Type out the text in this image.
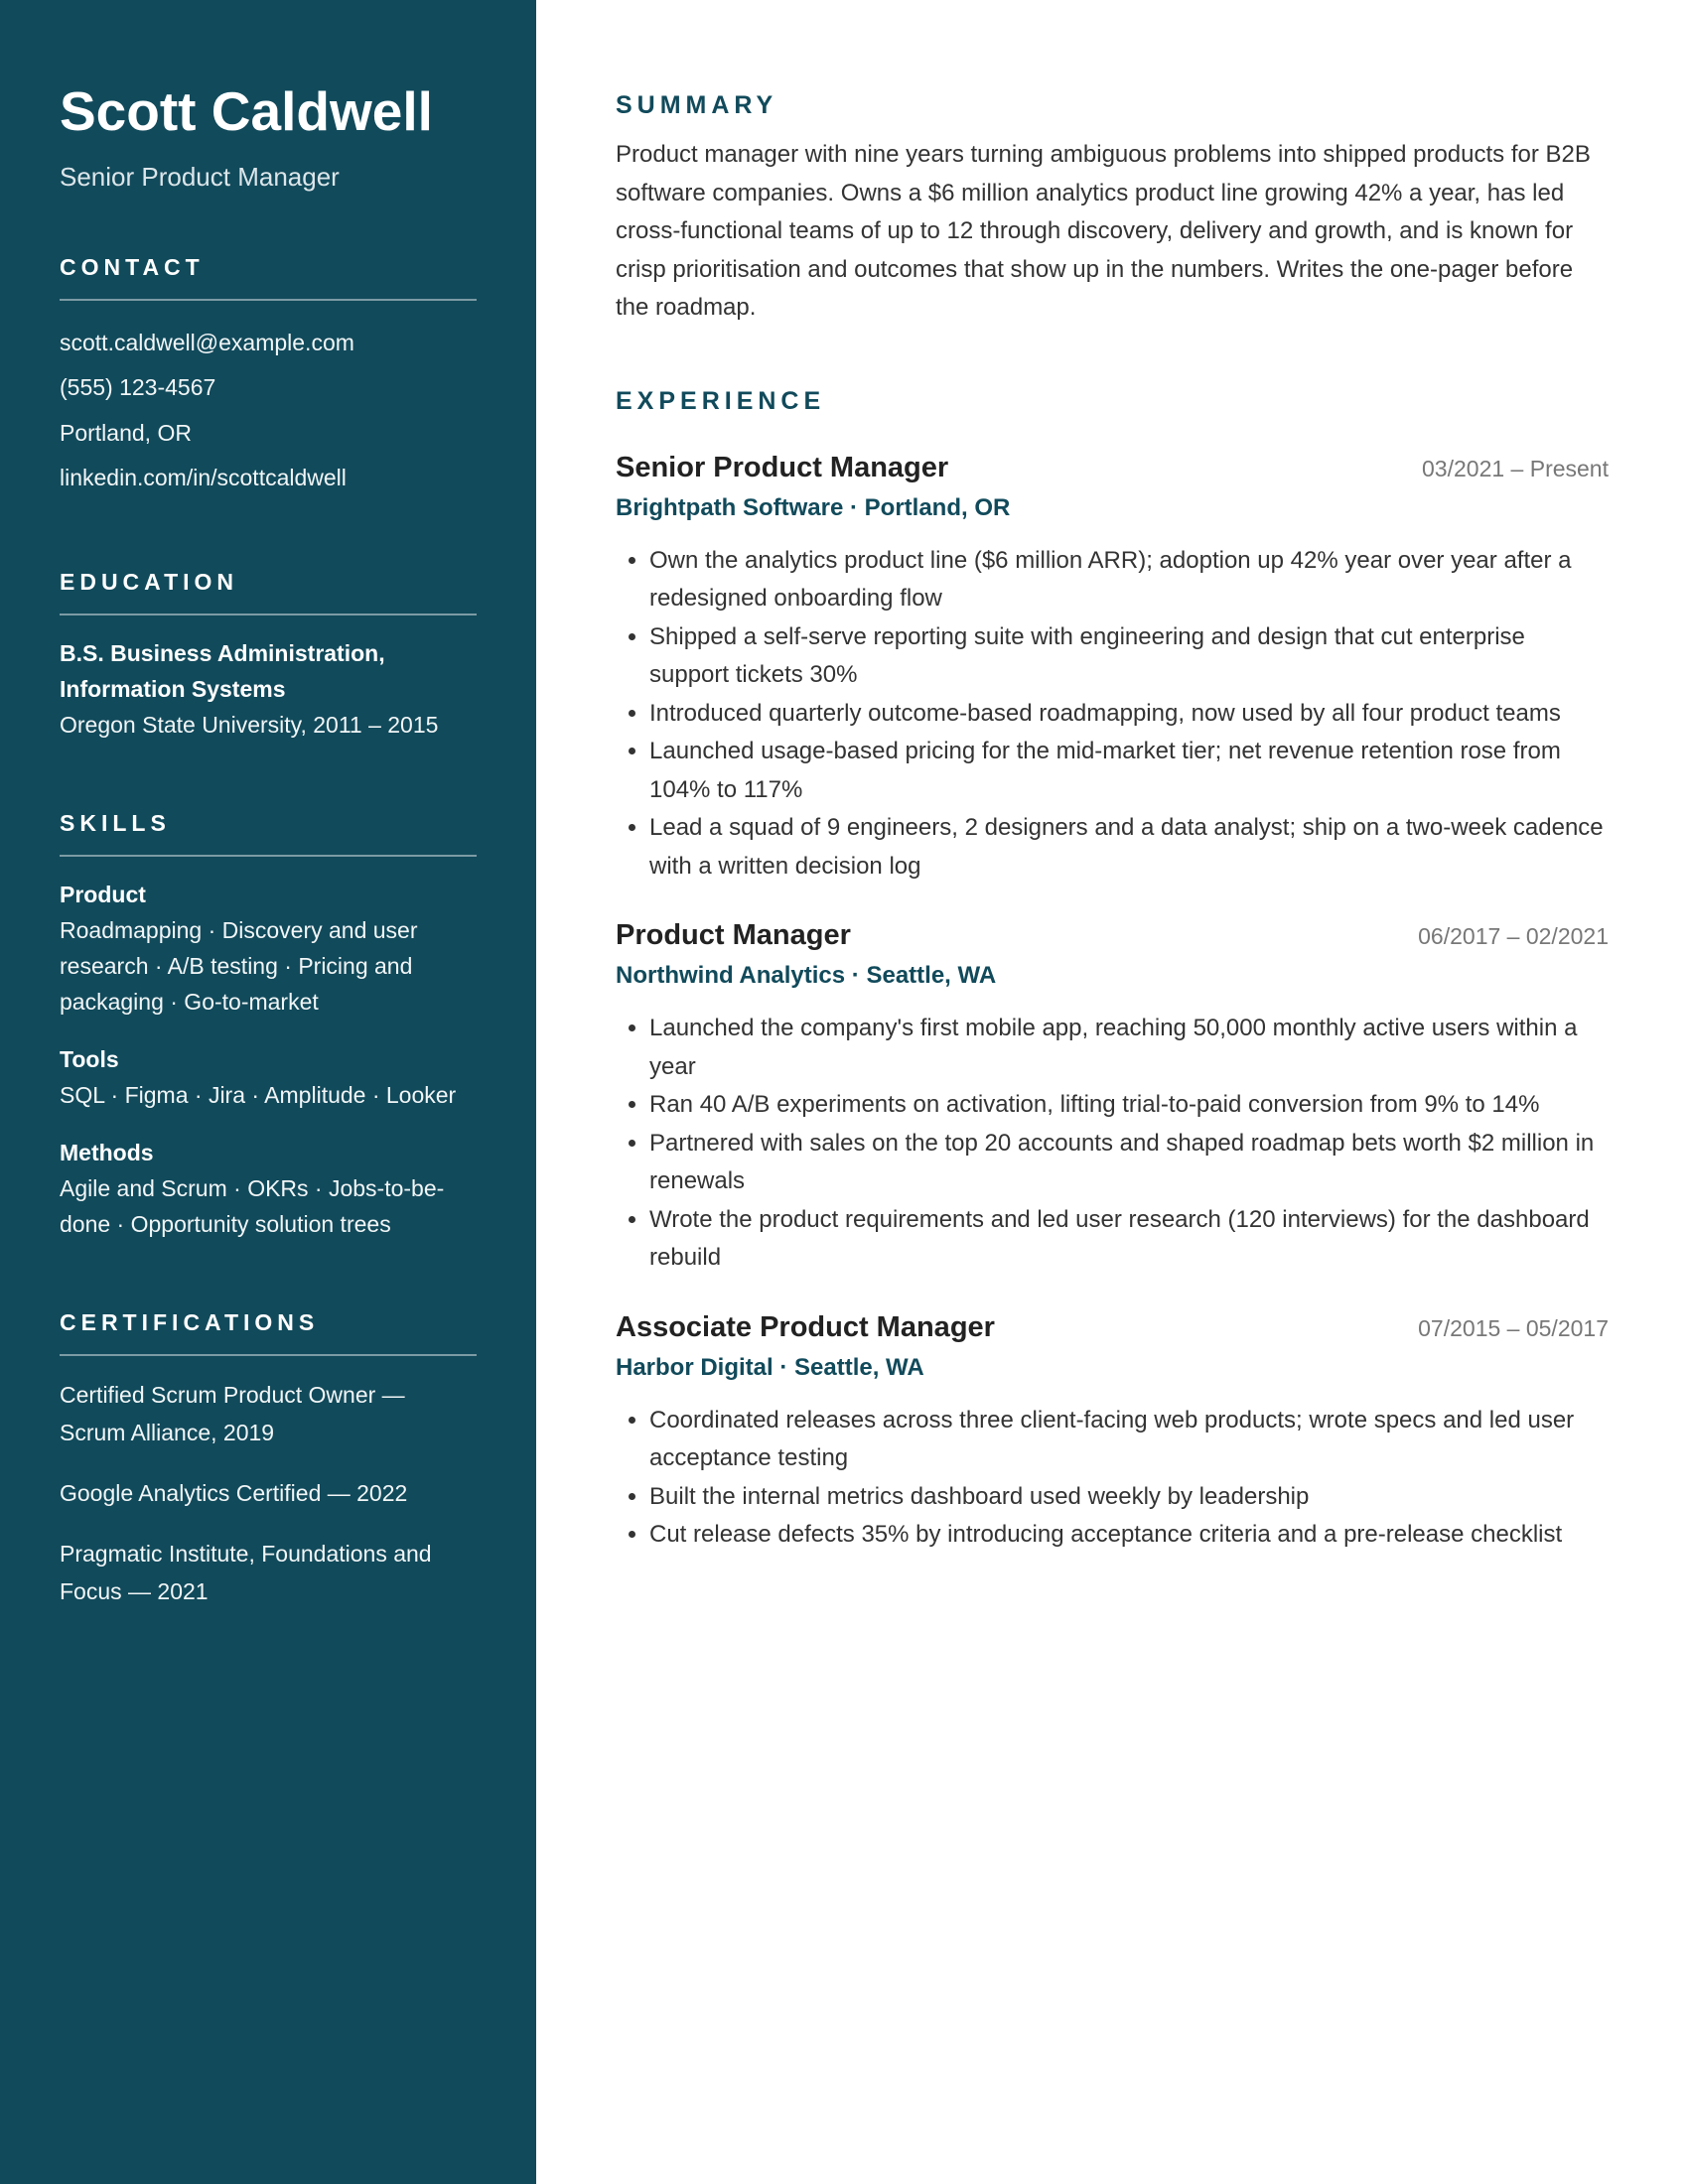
Scott Caldwell
Senior Product Manager
CONTACT
scott.caldwell@example.com
(555) 123-4567
Portland, OR
linkedin.com/in/scottcaldwell
EDUCATION
B.S. Business Administration, Information Systems
Oregon State University, 2011 – 2015
SKILLS
Product
Roadmapping · Discovery and user research · A/B testing · Pricing and packaging · Go-to-market
Tools
SQL · Figma · Jira · Amplitude · Looker
Methods
Agile and Scrum · OKRs · Jobs-to-be-done · Opportunity solution trees
CERTIFICATIONS
Certified Scrum Product Owner — Scrum Alliance, 2019
Google Analytics Certified — 2022
Pragmatic Institute, Foundations and Focus — 2021
SUMMARY
Product manager with nine years turning ambiguous problems into shipped products for B2B software companies. Owns a $6 million analytics product line growing 42% a year, has led cross-functional teams of up to 12 through discovery, delivery and growth, and is known for crisp prioritisation and outcomes that show up in the numbers. Writes the one-pager before the roadmap.
EXPERIENCE
Senior Product Manager	03/2021 – Present
Brightpath Software · Portland, OR
• Own the analytics product line ($6 million ARR); adoption up 42% year over year after a redesigned onboarding flow
• Shipped a self-serve reporting suite with engineering and design that cut enterprise support tickets 30%
• Introduced quarterly outcome-based roadmapping, now used by all four product teams
• Launched usage-based pricing for the mid-market tier; net revenue retention rose from 104% to 117%
• Lead a squad of 9 engineers, 2 designers and a data analyst; ship on a two-week cadence with a written decision log
Product Manager	06/2017 – 02/2021
Northwind Analytics · Seattle, WA
• Launched the company's first mobile app, reaching 50,000 monthly active users within a year
• Ran 40 A/B experiments on activation, lifting trial-to-paid conversion from 9% to 14%
• Partnered with sales on the top 20 accounts and shaped roadmap bets worth $2 million in renewals
• Wrote the product requirements and led user research (120 interviews) for the dashboard rebuild
Associate Product Manager	07/2015 – 05/2017
Harbor Digital · Seattle, WA
• Coordinated releases across three client-facing web products; wrote specs and led user acceptance testing
• Built the internal metrics dashboard used weekly by leadership
• Cut release defects 35% by introducing acceptance criteria and a pre-release checklist
